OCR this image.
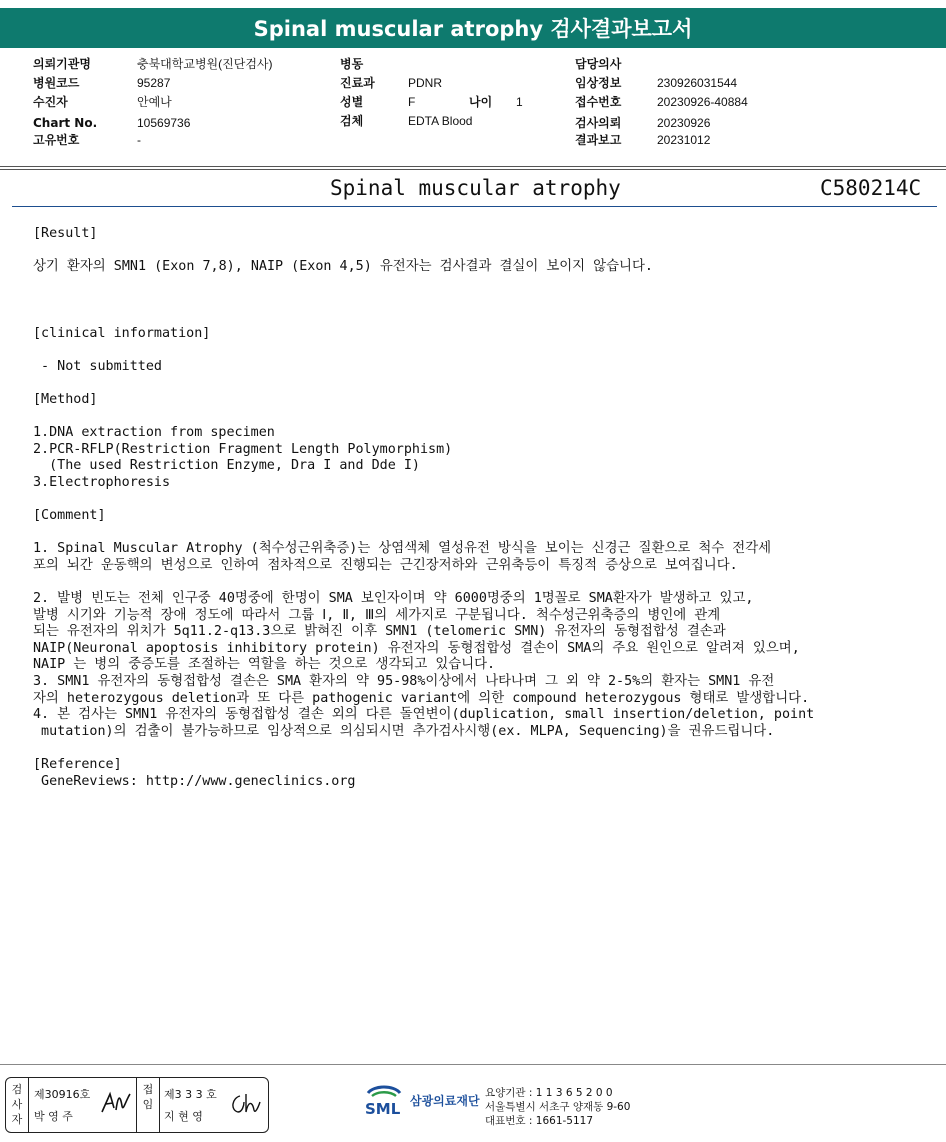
Spinal muscular atrophy 검사결과보고서
의뢰기관명	충북대학교병원(진단검사)
병원코드	95287
수진자	안예나
Chart No.	10569736
고유번호	-
병동
진료과	PDNR
성별	F	나이 1
검체	EDTA Blood
담당의사
임상정보	230926031544
접수번호	20230926-40884
검사의뢰	20230926
결과보고	20231012
Spinal muscular atrophy	C580214C

[Result]

상기 환자의 SMN1 (Exon 7,8), NAIP (Exon 4,5) 유전자는 검사결과 결실이 보이지 않습니다.

[clinical information]

- Not submitted

[Method]

1.DNA extraction from specimen

2.PCR-RFLP(Restriction Fragment Length Polymorphism)

(The used Restriction Enzyme, Dra I and Dde I)

3.Electrophoresis

[Comment]

1. Spinal Muscular Atrophy (척수성근위축증)는 상염색체 열성유전 방식을 보이는 신경근 질환으로 척수 전각세

포의 뇌간 운동핵의 변성으로 인하여 점차적으로 진행되는 근긴장저하와 근위축등이 특징적 증상으로 보여집니다.

2. 발병 빈도는 전체 인구중 40명중에 한명이 SMA 보인자이며 약 6000명중의 1명꼴로 SMA환자가 발생하고 있고,

발병 시기와 기능적 장애 정도에 따라서 그룹 Ⅰ, Ⅱ, Ⅲ의 세가지로 구분됩니다. 척수성근위축증의 병인에 관계

되는 유전자의 위치가 5q11.2-q13.3으로 밝혀진 이후 SMN1 (telomeric SMN) 유전자의 동형접합성 결손과

NAIP(Neuronal apoptosis inhibitory protein) 유전자의 동형접합성 결손이 SMA의 주요 원인으로 알려져 있으며,

NAIP 는 병의 중증도를 조절하는 역할을 하는 것으로 생각되고 있습니다.

3. SMN1 유전자의 동형접합성 결손은 SMA 환자의 약 95-98%이상에서 나타나며 그 외 약 2-5%의 환자는 SMN1 유전

자의 heterozygous deletion과 또 다른 pathogenic variant에 의한 compound heterozygous 형태로 발생합니다.

4. 본 검사는 SMN1 유전자의 동형접합성 결손 외의 다른 돌연변이(duplication, small insertion/deletion, point

mutation)의 검출이 불가능하므로 임상적으로 의심되시면 추가검사시행(ex. MLPA, Sequencing)을 권유드립니다.

[Reference]

GeneReviews: http://www.geneclinics.org

검사자
제30916호
박 영 주
접임
제3 3 3 호
지 현 영	SML 삼광의료재단
요양기관 : 1 1 3 6 5 2 0 0
서울특별시 서초구 양재동 9-60
대표번호 : 1661-5117
